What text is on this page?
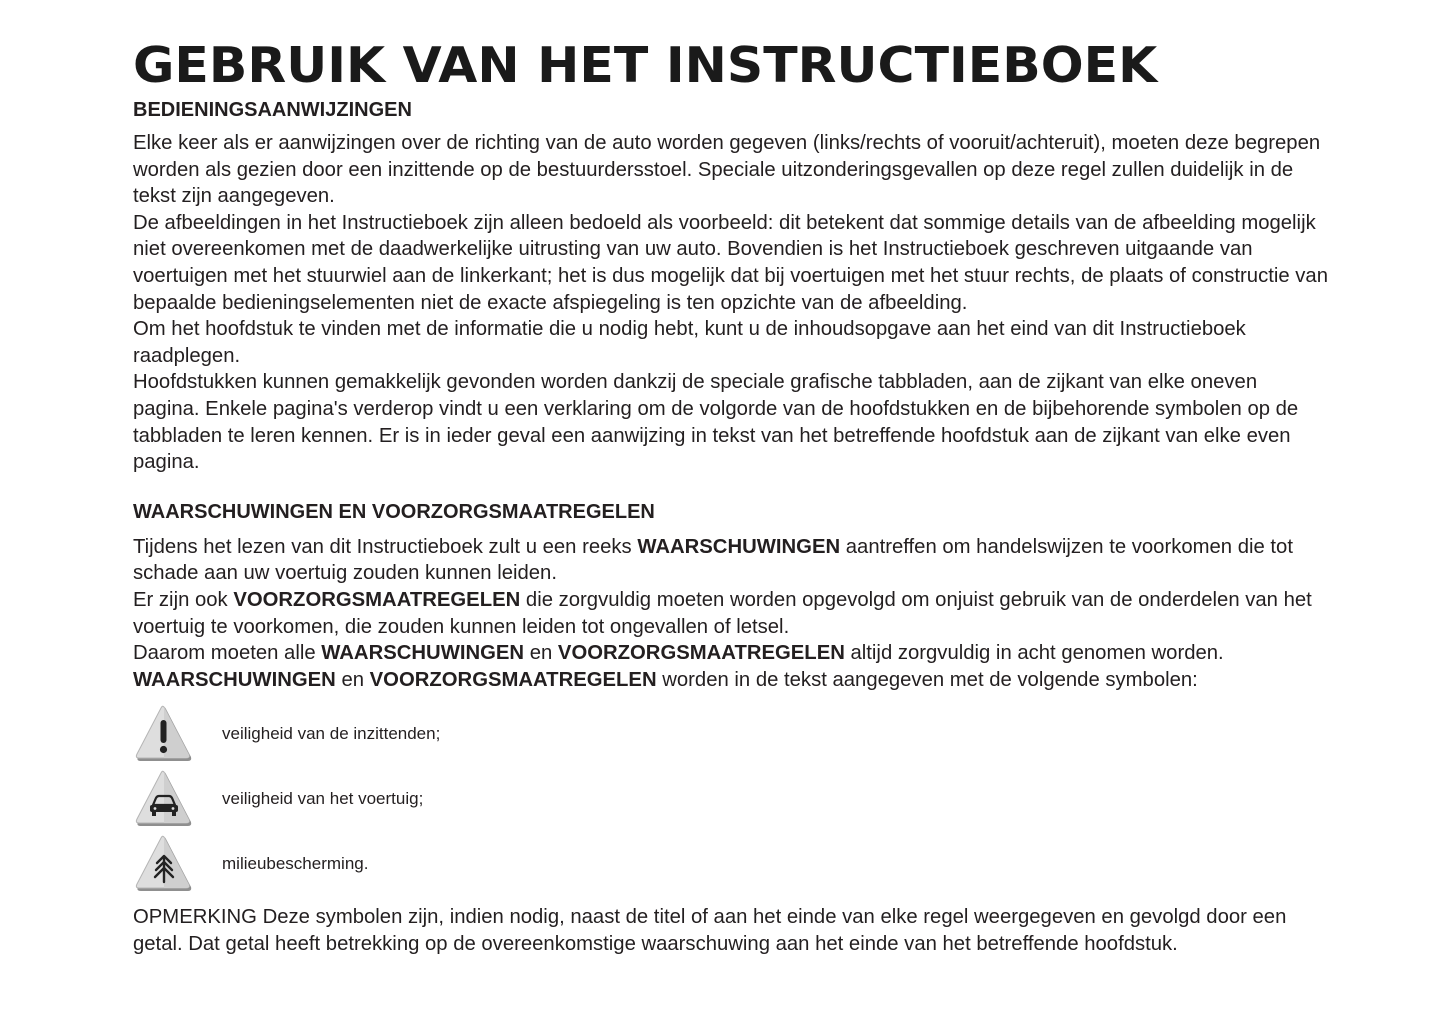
GEBRUIK VAN HET INSTRUCTIEBOEK
BEDIENINGSAANWIJZINGEN

Elke keer als er aanwijzingen over de richting van de auto worden gegeven (links/rechts of vooruit/achteruit), moeten deze begrepen worden als gezien door een inzittende op de bestuurdersstoel. Speciale uitzonderingsgevallen op deze regel zullen duidelijk in de tekst zijn aangegeven.

De afbeeldingen in het Instructieboek zijn alleen bedoeld als voorbeeld: dit betekent dat sommige details van de afbeelding mogelijk niet overeenkomen met de daadwerkelijke uitrusting van uw auto. Bovendien is het Instructieboek geschreven uitgaande van voertuigen met het stuurwiel aan de linkerkant; het is dus mogelijk dat bij voertuigen met het stuur rechts, de plaats of constructie van bepaalde bedieningselementen niet de exacte afspiegeling is ten opzichte van de afbeelding.

Om het hoofdstuk te vinden met de informatie die u nodig hebt, kunt u de inhoudsopgave aan het eind van dit Instructieboek raadplegen.

Hoofdstukken kunnen gemakkelijk gevonden worden dankzij de speciale grafische tabbladen, aan de zijkant van elke oneven pagina. Enkele pagina's verderop vindt u een verklaring om de volgorde van de hoofdstukken en de bijbehorende symbolen op de tabbladen te leren kennen. Er is in ieder geval een aanwijzing in tekst van het betreffende hoofdstuk aan de zijkant van elke even pagina.

WAARSCHUWINGEN EN VOORZORGSMAATREGELEN

Tijdens het lezen van dit Instructieboek zult u een reeks WAARSCHUWINGEN aantreffen om handelswijzen te voorkomen die tot schade aan uw voertuig zouden kunnen leiden.

Er zijn ook VOORZORGSMAATREGELEN die zorgvuldig moeten worden opgevolgd om onjuist gebruik van de onderdelen van het voertuig te voorkomen, die zouden kunnen leiden tot ongevallen of letsel.

Daarom moeten alle WAARSCHUWINGEN en VOORZORGSMAATREGELEN altijd zorgvuldig in acht genomen worden.

WAARSCHUWINGEN en VOORZORGSMAATREGELEN worden in de tekst aangegeven met de volgende symbolen:

veiligheid van de inzittenden;
veiligheid van het voertuig;
milieubescherming.

OPMERKING Deze symbolen zijn, indien nodig, naast de titel of aan het einde van elke regel weergegeven en gevolgd door een getal. Dat getal heeft betrekking op de overeenkomstige waarschuwing aan het einde van het betreffende hoofdstuk.
